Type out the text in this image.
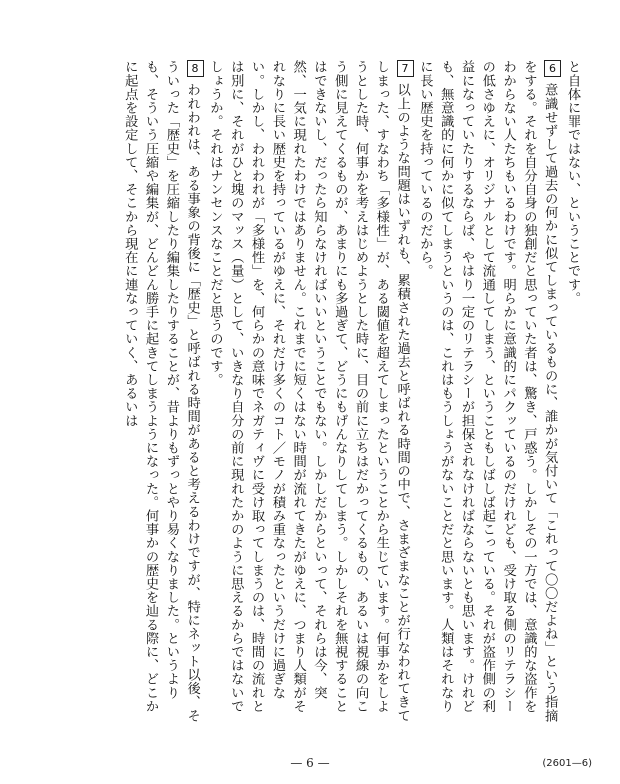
と自体に罪ではない、ということです。

6意識せずして過去の何かに似てしまっているものに、誰かが気付いて「これって〇〇だよね」という指摘をする。それを自分自身の独創だと思っていた者は、驚き、戸惑う。しかしその一方では、意識的な盗作をわからない人たちもいるわけです。明らかに意識的にパクッているのだけれども、受け取る側のリテラシーの低さゆえに、オリジナルとして流通してしまう、ということもしばしば起こっている。それが盗作側の利益になっていたりするならば、やはり一定のリテラシーが担保されなければならないとも思います。けれども、無意識的に何かに似てしまうというのは、これはもうしょうがないことだと思います。人類はそれなりに長い歴史を持っているのだから。

7以上のような問題はいずれも、累積された過去と呼ばれる時間の中で、さまざまなことが行なわれてきてしまった、すなわち「多様性」が、ある閾値を超えてしまったということから生じています。何事かをしようとした時、何事かを考えはじめようとした時に、目の前に立ちはだかってくるもの、あるいは視線の向こう側に見えてくるものが、あまりにも多過ぎて、どうにもげんなりしてしまう。しかしそれを無視することはできないし、だったら知らなければいいということでもない。しかしだからといって、それらは今、突然、一気に現れたわけではありません。これまでに短くはない時間が流れてきたがゆえに、つまり人類がそれなりに長い歴史を持っているがゆえに、それだけ多くのコト／モノが積み重なったというだけに過ぎない。しかし、われわれが「多様性」を、何らかの意味でネガティヴに受け取ってしまうのは、時間の流れとは別に、それがひと塊のマッス（量）として、いきなり自分の前に現れたかのように思えるからではないでしょうか。それはナンセンスなことだと思うのです。

8われわれは、ある事象の背後に「歴史」と呼ばれる時間があると考えるわけですが、特にネット以後、そういった「歴史」を圧縮したり編集したりすることが、昔よりもずっとやり易くなりました。というよりも、そういう圧縮や編集が、どんどん勝手に起きてしまうようになった。何事かの歴史を辿る際に、どこかに起点を設定して、そこから現在に連なっていく、あるいは

— 6 —	(2601—6)
